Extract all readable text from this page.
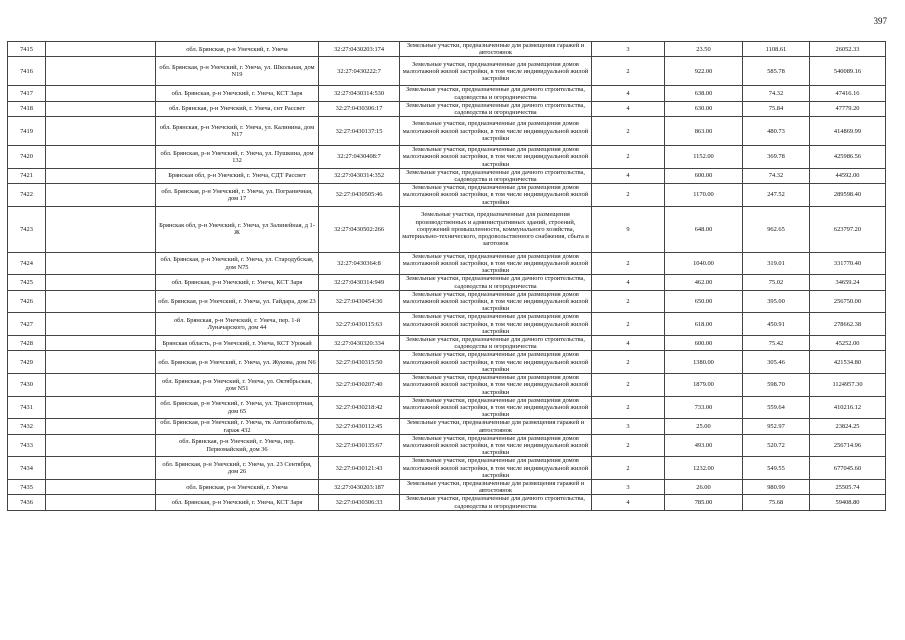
397
7415		обл. Брянская, р-н Унечский, г. Унеча	32:27:0430203:174	Земельные участки, предназначенные для размещения гаражей и автостоянок	3	23.50	1108.61	26052.33
7416		обл. Брянская, р-н Унечский, г. Унеча, ул. Школьная, дом N19	32:27:0430222:7	Земельные участки, предназначенные для размещения домов малоэтажной жилой застройки, в том числе индивидуальной жилой застройки	2	922.00	585.78	540089.16
7417		обл. Брянская, р-н Унечский, г. Унеча, КСТ Заря	32:27:0430314:530	Земельные участки, предназначенные для дачного строительства, садоводства и огородничества	4	638.00	74.32	47416.16
7418		обл. Брянская, р-н Унечский, г. Унеча, снт Рассвет	32:27:0430306:17	Земельные участки, предназначенные для дачного строительства, садоводства и огородничества	4	630.00	75.84	47779.20
7419		обл. Брянская, р-н Унечский, г. Унеча, ул. Калинина, дом N17	32:27:0430137:15	Земельные участки, предназначенные для размещения домов малоэтажной жилой застройки, в том числе индивидуальной жилой застройки	2	863.00	480.73	414869.99
7420		обл. Брянская, р-н Унечский, г. Унеча, ул. Пушкина, дом 132	32:27:0430408:7	Земельные участки, предназначенные для размещения домов малоэтажной жилой застройки, в том числе индивидуальной жилой застройки	2	1152.00	369.78	425986.56
7421		Брянская обл, р-н Унечский, г. Унеча, СДТ Рассвет	32:27:0430314:352	Земельные участки, предназначенные для дачного строительства, садоводства и огородничества	4	600.00	74.32	44592.00
7422		обл. Брянская, р-н Унечский, г. Унеча, ул. Пограничная, дом 17	32:27:0430505:46	Земельные участки, предназначенные для размещения домов малоэтажной жилой застройки, в том числе индивидуальной жилой застройки	2	1170.00	247.52	289598.40
7423		Брянская обл, р-н Унечский, г. Унеча, ул Залинейная, д 1-Ж	32:27:0430502:266	Земельные участки, предназначенные для размещения производственных и административных зданий, строений, сооружений промышленности, коммунального хозяйства, материально-технического, продовольственного снабжения, сбыта и заготовок	9	648.00	962.65	623797.20
7424		обл. Брянская, р-н Унечский, г. Унеча, ул. Стародубская, дом N75	32:27:0430364:8	Земельные участки, предназначенные для размещения домов малоэтажной жилой застройки, в том числе индивидуальной жилой застройки	2	1040.00	319.01	331770.40
7425		обл. Брянская, р-н Унечский, г. Унеча, КСТ Заря	32:27:0430314:949	Земельные участки, предназначенные для дачного строительства, садоводства и огородничества	4	462.00	75.02	34659.24
7426		обл. Брянская, р-н Унечский, г. Унеча, ул. Гайдара, дом 23	32:27:0430454:36	Земельные участки, предназначенные для размещения домов малоэтажной жилой застройки, в том числе индивидуальной жилой застройки	2	650.00	395.00	256750.00
7427		обл. Брянская, р-н Унечский, г. Унеча, пер. 1-й Луначарского, дом 44	32:27:0430115:63	Земельные участки, предназначенные для размещения домов малоэтажной жилой застройки, в том числе индивидуальной жилой застройки	2	618.00	450.91	278662.38
7428		Брянская область, р-н Унечский, г. Унеча, КСТ Урожай	32:27:0430320:334	Земельные участки, предназначенные для дачного строительства, садоводства и огородничества	4	600.00	75.42	45252.00
7429		обл. Брянская, р-н Унечский, г. Унеча, ул. Жукова, дом N6	32:27:0430315:50	Земельные участки, предназначенные для размещения домов малоэтажной жилой застройки, в том числе индивидуальной жилой застройки	2	1380.00	305.46	421534.80
7430		обл. Брянская, р-н Унечский, г. Унеча, ул. Октябрьская, дом N51	32:27:0430207:40	Земельные участки, предназначенные для размещения домов малоэтажной жилой застройки, в том числе индивидуальной жилой застройки	2	1879.00	598.70	1124957.30
7431		обл. Брянская, р-н Унечский, г. Унеча, ул. Транспортная, дом 65	32:27:0430218:42	Земельные участки, предназначенные для размещения домов малоэтажной жилой застройки, в том числе индивидуальной жилой застройки	2	733.00	559.64	410216.12
7432		обл. Брянская, р-н Унечский, г. Унеча, тк Автолюбитель, гараж 432	32:27:0430112:45	Земельные участки, предназначенные для размещения гаражей и автостоянок	3	25.00	952.97	23824.25
7433		обл. Брянская, р-н Унечский, г. Унеча, пер. Первомайский, дом 36	32:27:0430135:67	Земельные участки, предназначенные для размещения домов малоэтажной жилой застройки, в том числе индивидуальной жилой застройки	2	493.00	520.72	256714.96
7434		обл. Брянская, р-н Унечский, г. Унеча, ул. 23 Сентября, дом 26	32:27:0430121:43	Земельные участки, предназначенные для размещения домов малоэтажной жилой застройки, в том числе индивидуальной жилой застройки	2	1232.00	549.55	677045.60
7435		обл. Брянская, р-н Унечский, г. Унеча	32:27:0430203:187	Земельные участки, предназначенные для размещения гаражей и автостоянок	3	26.00	980.99	25505.74
7436		обл. Брянская, р-н Унечский, г. Унеча, КСТ Заря	32:27:0430306:33	Земельные участки, предназначенные для дачного строительства, садоводства и огородничества	4	785.00	75.68	59408.80
